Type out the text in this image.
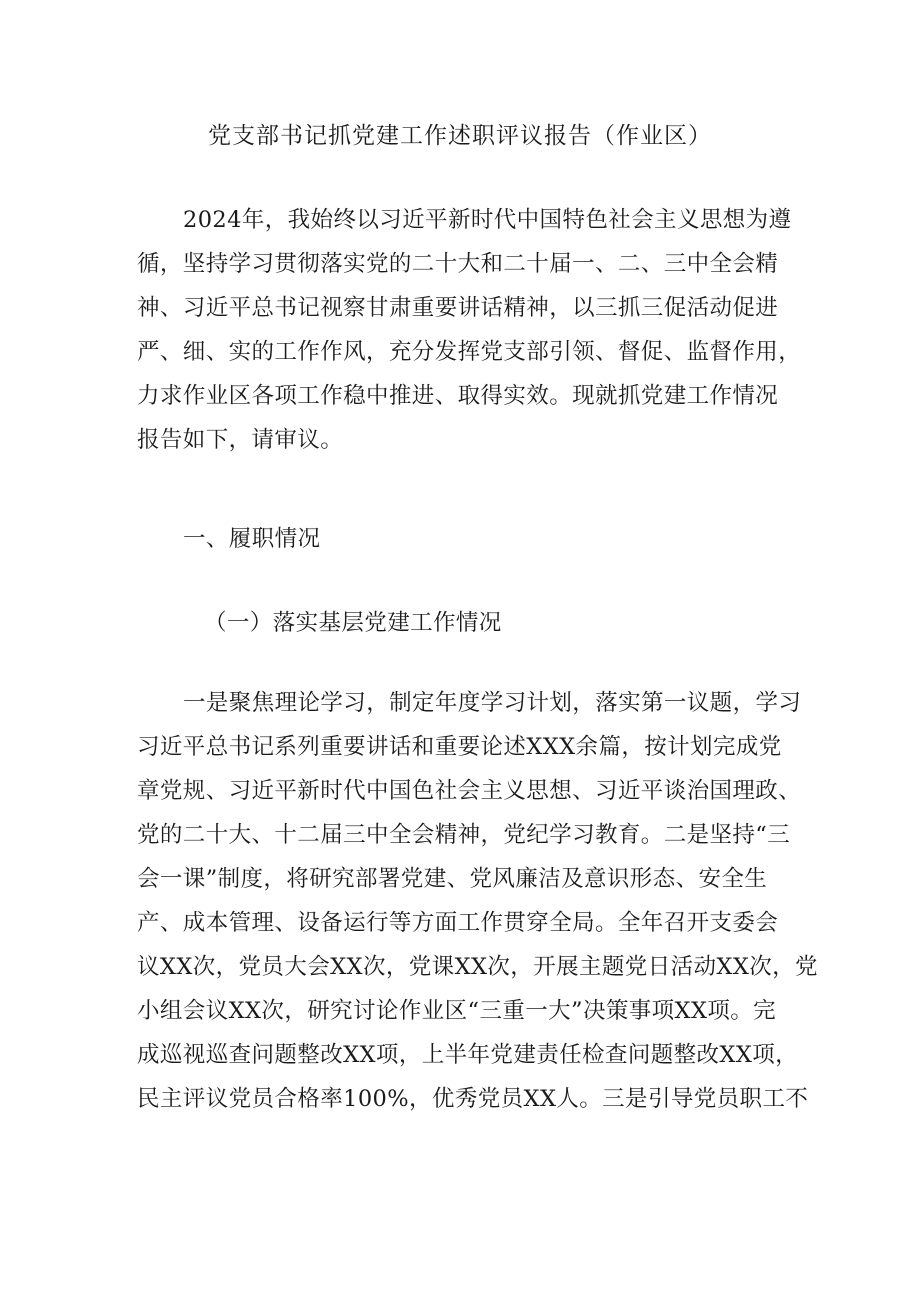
党支部书记抓党建工作述职评议报告（作业区）
2024年，我始终以习近平新时代中国特色社会主义思想为遵
循，坚持学习贯彻落实党的二十大和二十届一、二、三中全会精
神、习近平总书记视察甘肃重要讲话精神，以三抓三促活动促进
严、细、实的工作作风，充分发挥党支部引领、督促、监督作用，
力求作业区各项工作稳中推进、取得实效。现就抓党建工作情况
报告如下，请审议。
一、履职情况
（一）落实基层党建工作情况
一是聚焦理论学习，制定年度学习计划，落实第一议题，学习
习近平总书记系列重要讲话和重要论述XXX余篇，按计划完成党
章党规、习近平新时代中国色社会主义思想、习近平谈治国理政、
党的二十大、十二届三中全会精神，党纪学习教育。二是坚持“三
会一课”制度，将研究部署党建、党风廉洁及意识形态、安全生
产、成本管理、设备运行等方面工作贯穿全局。全年召开支委会
议XX次，党员大会XX次，党课XX次，开展主题党日活动XX次，党
小组会议XX次，研究讨论作业区“三重一大”决策事项XX项。完
成巡视巡查问题整改XX项，上半年党建责任检查问题整改XX项，
民主评议党员合格率100%，优秀党员XX人。三是引导党员职工不
